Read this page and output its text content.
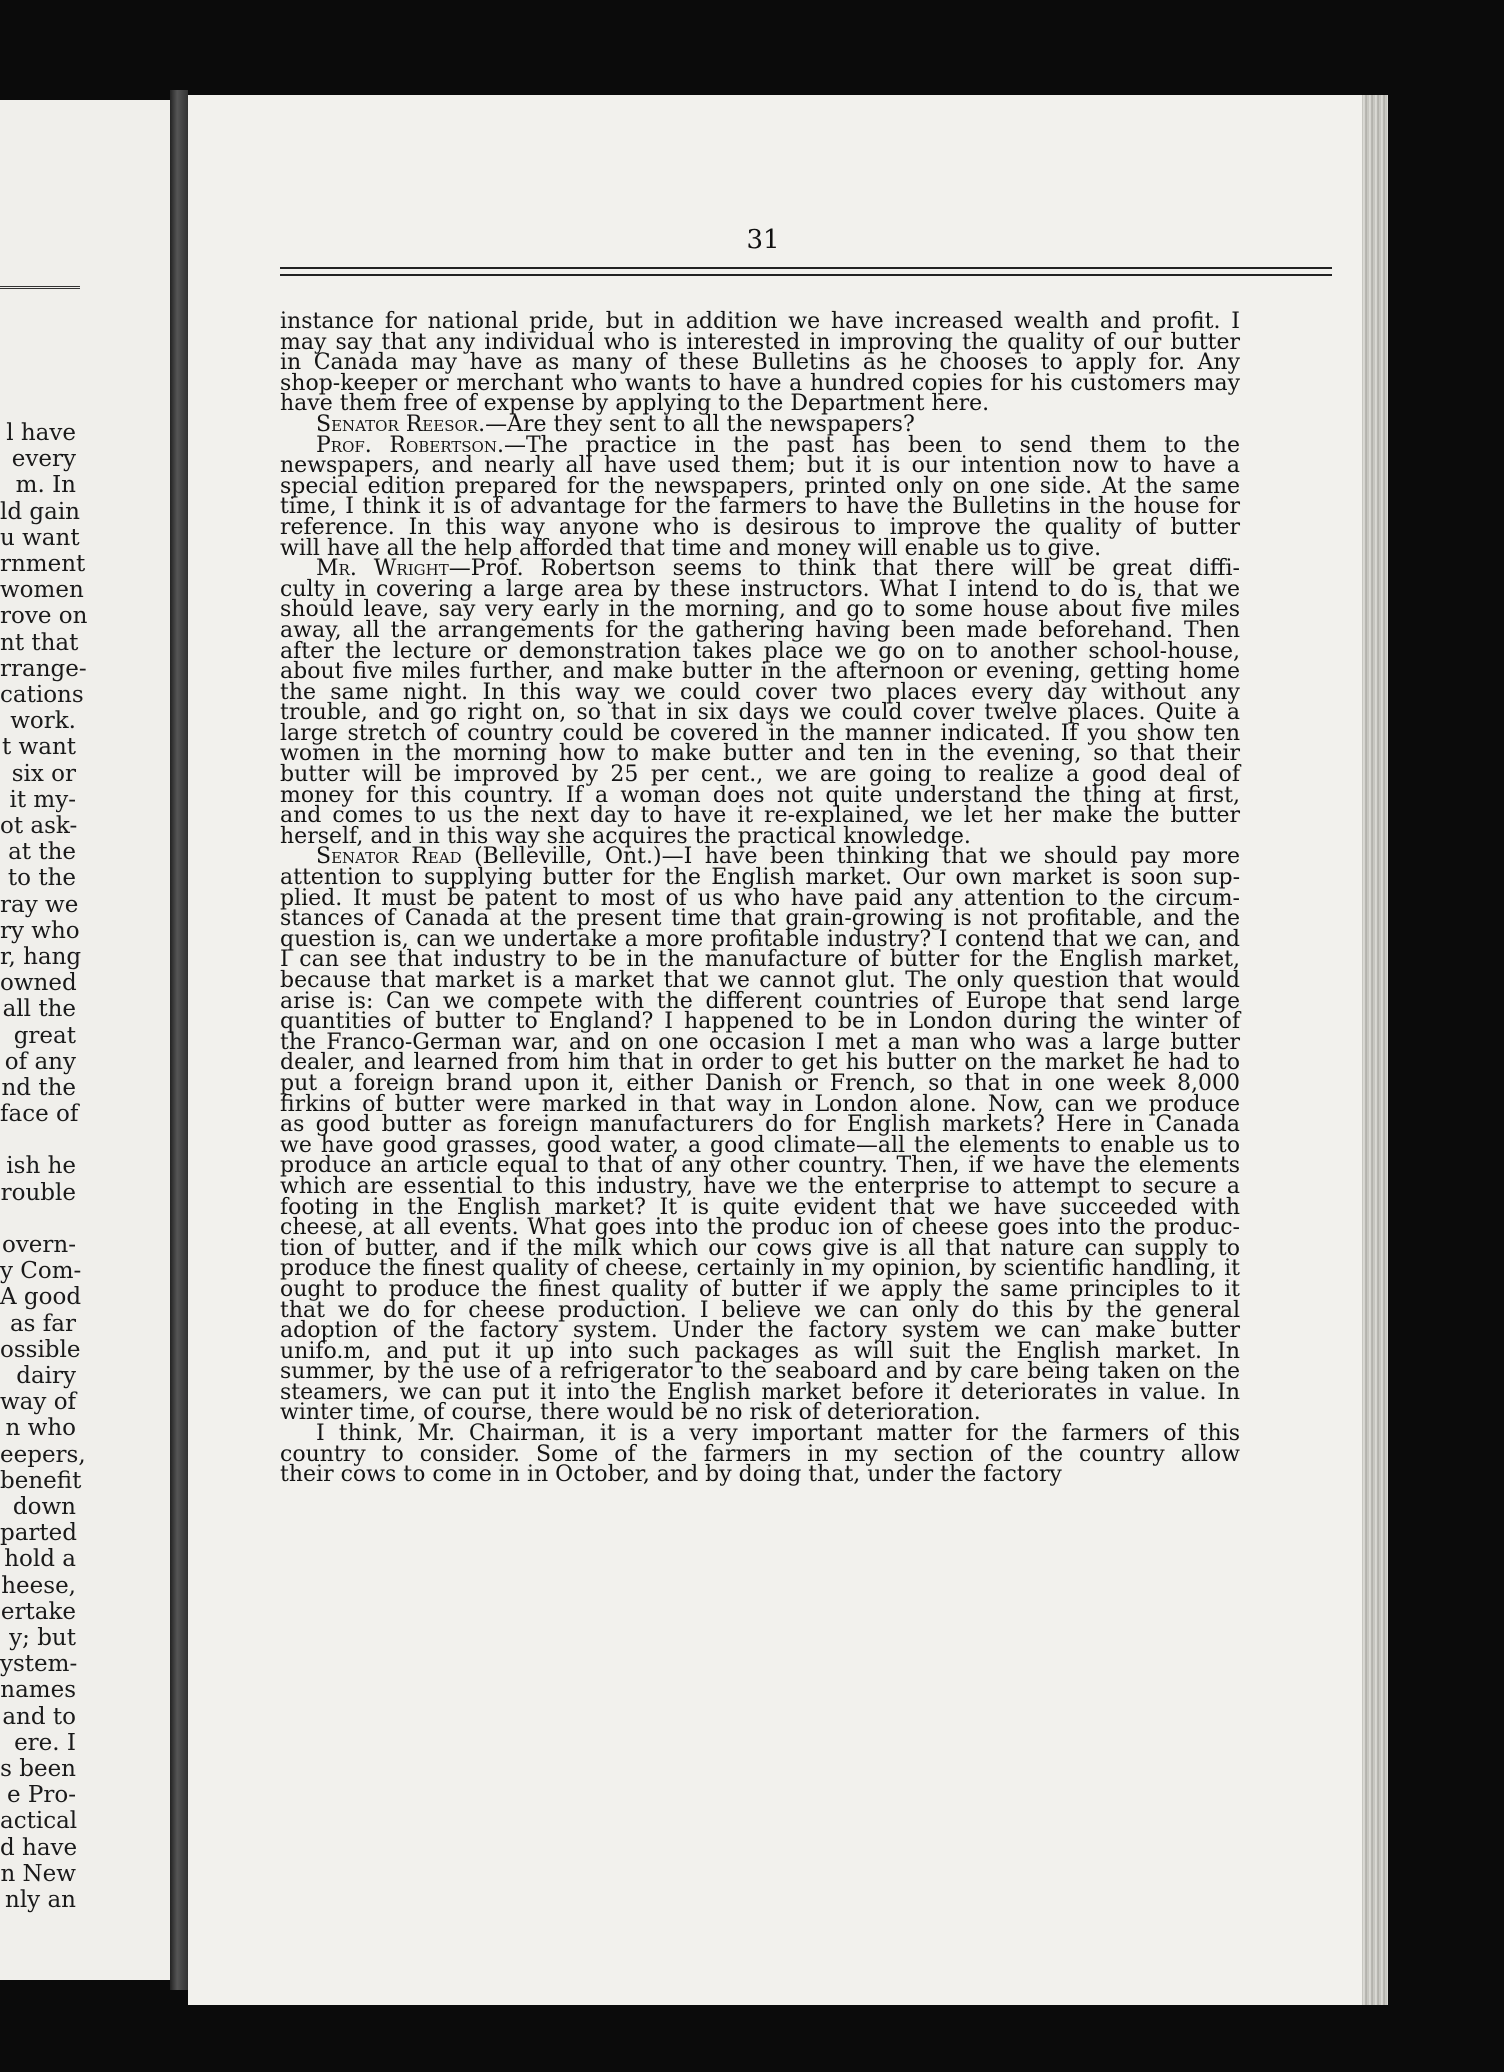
l have
every
m. In
ld gain
u want
rnment
women
rove on
nt that
rrange-
cations
work.
t want
six or
it my-
ot ask-
at the
to the
ray we
ry who
r, hang
owned
all the
great
of any
nd the
face of
ish he
rouble
overn-
y Com-
A good
as far
ossible
dairy
way of
n who
eepers,
benefit
down
parted
hold a
heese,
ertake
y; but
ystem-
names
and to
ere. I
s been
e Pro-
actical
d have
n New
nly an
31
instance for national pride, but in addition we have increased wealth and profit. I
may say that any individual who is interested in improving the quality of our butter
in Canada may have as many of these Bulletins as he chooses to apply for. Any
shop-keeper or merchant who wants to have a hundred copies for his customers may
have them free of expense by applying to the Department here.
Senator Reesor.—Are they sent to all the newspapers?
Prof. Robertson.—The practice in the past has been to send them to the
newspapers, and nearly all have used them; but it is our intention now to have a
special edition prepared for the newspapers, printed only on one side. At the same
time, I think it is of advantage for the farmers to have the Bulletins in the house for
reference. In this way anyone who is desirous to improve the quality of butter
will have all the help afforded that time and money will enable us to give.
Mr. Wright—Prof. Robertson seems to think that there will be great diffi-
culty in covering a large area by these instructors. What I intend to do is, that we
should leave, say very early in the morning, and go to some house about five miles
away, all the arrangements for the gathering having been made beforehand. Then
after the lecture or demonstration takes place we go on to another school-house,
about five miles further, and make butter in the afternoon or evening, getting home
the same night. In this way we could cover two places every day without any
trouble, and go right on, so that in six days we could cover twelve places. Quite a
large stretch of country could be covered in the manner indicated. If you show ten
women in the morning how to make butter and ten in the evening, so that their
butter will be improved by 25 per cent., we are going to realize a good deal of
money for this country. If a woman does not quite understand the thing at first,
and comes to us the next day to have it re-explained, we let her make the butter
herself, and in this way she acquires the practical knowledge.
Senator Read (Belleville, Ont.)—I have been thinking that we should pay more
attention to supplying butter for the English market. Our own market is soon sup-
plied. It must be patent to most of us who have paid any attention to the circum-
stances of Canada at the present time that grain-growing is not profitable, and the
question is, can we undertake a more profitable industry? I contend that we can, and
I can see that industry to be in the manufacture of butter for the English market,
because that market is a market that we cannot glut. The only question that would
arise is: Can we compete with the different countries of Europe that send large
quantities of butter to England? I happened to be in London during the winter of
the Franco-German war, and on one occasion I met a man who was a large butter
dealer, and learned from him that in order to get his butter on the market he had to
put a foreign brand upon it, either Danish or French, so that in one week 8,000
firkins of butter were marked in that way in London alone. Now, can we produce
as good butter as foreign manufacturers do for English markets? Here in Canada
we have good grasses, good water, a good climate—all the elements to enable us to
produce an article equal to that of any other country. Then, if we have the elements
which are essential to this industry, have we the enterprise to attempt to secure a
footing in the English market? It is quite evident that we have succeeded with
cheese, at all events. What goes into the produc ion of cheese goes into the produc-
tion of butter, and if the milk which our cows give is all that nature can supply to
produce the finest quality of cheese, certainly in my opinion, by scientific handling, it
ought to produce the finest quality of butter if we apply the same principles to it
that we do for cheese production. I believe we can only do this by the general
adoption of the factory system. Under the factory system we can make butter
unifo.m, and put it up into such packages as will suit the English market. In
summer, by the use of a refrigerator to the seaboard and by care being taken on the
steamers, we can put it into the English market before it deteriorates in value. In
winter time, of course, there would be no risk of deterioration.
I think, Mr. Chairman, it is a very important matter for the farmers of this
country to consider. Some of the farmers in my section of the country allow
their cows to come in in October, and by doing that, under the factory
